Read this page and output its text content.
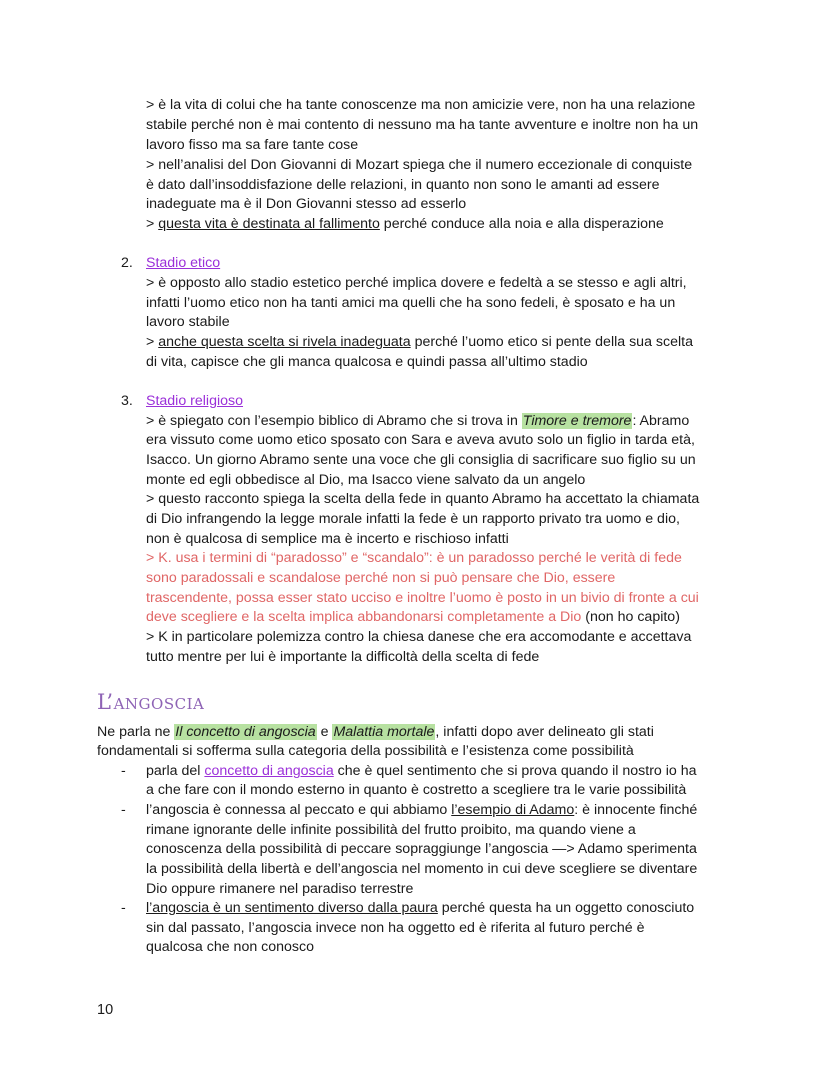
> è la vita di colui che ha tante conoscenze ma non amicizie vere, non ha una relazione
stabile perché non è mai contento di nessuno ma ha tante avventure e inoltre non ha un
lavoro fisso ma sa fare tante cose
> nell’analisi del Don Giovanni di Mozart spiega che il numero eccezionale di conquiste
è dato dall’insoddisfazione delle relazioni, in quanto non sono le amanti ad essere
inadeguate ma è il Don Giovanni stesso ad esserlo
> questa vita è destinata al fallimento perché conduce alla noia e alla disperazione
2. Stadio etico
> è opposto allo stadio estetico perché implica dovere e fedeltà a se stesso e agli altri,
infatti l’uomo etico non ha tanti amici ma quelli che ha sono fedeli, è sposato e ha un
lavoro stabile
> anche questa scelta si rivela inadeguata perché l’uomo etico si pente della sua scelta
di vita, capisce che gli manca qualcosa e quindi passa all’ultimo stadio
3. Stadio religioso
> è spiegato con l’esempio biblico di Abramo che si trova in Timore e tremore: Abramo
era vissuto come uomo etico sposato con Sara e aveva avuto solo un figlio in tarda età,
Isacco. Un giorno Abramo sente una voce che gli consiglia di sacrificare suo figlio su un
monte ed egli obbedisce al Dio, ma Isacco viene salvato da un angelo
> questo racconto spiega la scelta della fede in quanto Abramo ha accettato la chiamata
di Dio infrangendo la legge morale infatti la fede è un rapporto privato tra uomo e dio,
non è qualcosa di semplice ma è incerto e rischioso infatti
> K. usa i termini di “paradosso” e “scandalo”: è un paradosso perché le verità di fede
sono paradossali e scandalose perché non si può pensare che Dio, essere
trascendente, possa esser stato ucciso e inoltre l’uomo è posto in un bivio di fronte a cui
deve scegliere e la scelta implica abbandonarsi completamente a Dio (non ho capito)
> K in particolare polemizza contro la chiesa danese che era accomodante e accettava
tutto mentre per lui è importante la difficoltà della scelta di fede
L’angoscia
Ne parla ne Il concetto di angoscia e Malattia mortale, infatti dopo aver delineato gli stati
fondamentali si sofferma sulla categoria della possibilità e l’esistenza come possibilità
- parla del concetto di angoscia che è quel sentimento che si prova quando il nostro io ha
a che fare con il mondo esterno in quanto è costretto a scegliere tra le varie possibilità
- l’angoscia è connessa al peccato e qui abbiamo l’esempio di Adamo: è innocente finché
rimane ignorante delle infinite possibilità del frutto proibito, ma quando viene a
conoscenza della possibilità di peccare sopraggiunge l’angoscia —> Adamo sperimenta
la possibilità della libertà e dell’angoscia nel momento in cui deve scegliere se diventare
Dio oppure rimanere nel paradiso terrestre
- l’angoscia è un sentimento diverso dalla paura perché questa ha un oggetto conosciuto
sin dal passato, l’angoscia invece non ha oggetto ed è riferita al futuro perché è
qualcosa che non conosco
10
